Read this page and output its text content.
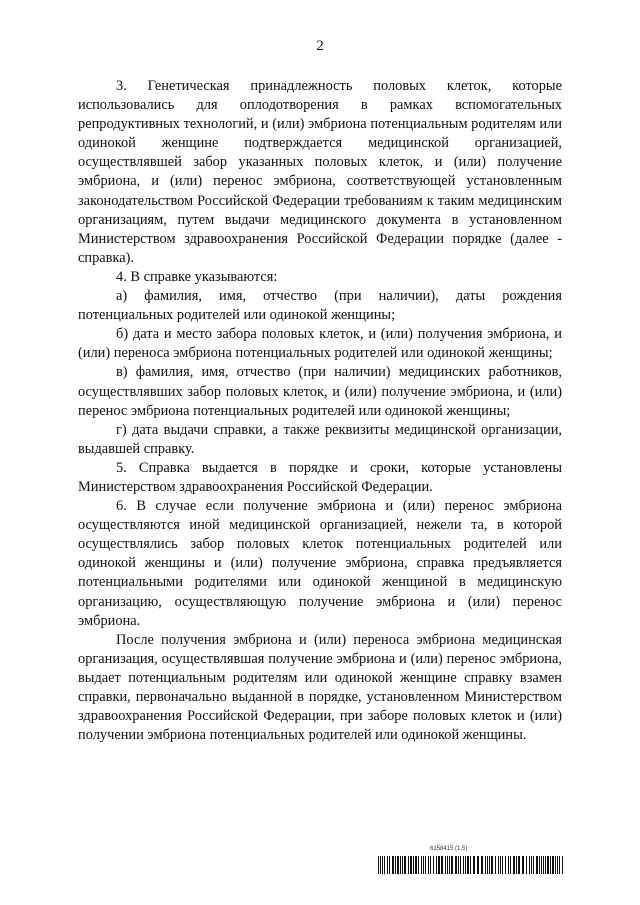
2

3. Генетическая принадлежность половых клеток, которые использовались для оплодотворения в рамках вспомогательных репродуктивных технологий, и (или) эмбриона потенциальным родителям или одинокой женщине подтверждается медицинской организацией, осуществлявшей забор указанных половых клеток, и (или) получение эмбриона, и (или) перенос эмбриона, соответствующей установленным законодательством Российской Федерации требованиям к таким медицинским организациям, путем выдачи медицинского документа в установленном Министерством здравоохранения Российской Федерации порядке (далее - справка).

4. В справке указываются:

а) фамилия, имя, отчество (при наличии), даты рождения потенциальных родителей или одинокой женщины;

б) дата и место забора половых клеток, и (или) получения эмбриона, и (или) переноса эмбриона потенциальных родителей или одинокой женщины;

в) фамилия, имя, отчество (при наличии) медицинских работников, осуществлявших забор половых клеток, и (или) получение эмбриона, и (или) перенос эмбриона потенциальных родителей или одинокой женщины;

г) дата выдачи справки, а также реквизиты медицинской организации, выдавшей справку.

5. Справка выдается в порядке и сроки, которые установлены Министерством здравоохранения Российской Федерации.

6. В случае если получение эмбриона и (или) перенос эмбриона осуществляются иной медицинской организацией, нежели та, в которой осуществлялись забор половых клеток потенциальных родителей или одинокой женщины и (или) получение эмбриона, справка предъявляется потенциальными родителями или одинокой женщиной в медицинскую организацию, осуществляющую получение эмбриона и (или) перенос эмбриона.

После получения эмбриона и (или) переноса эмбриона медицинская организация, осуществлявшая получение эмбриона и (или) перенос эмбриона, выдает потенциальным родителям или одинокой женщине справку взамен справки, первоначально выданной в порядке, установленном Министерством здравоохранения Российской Федерации, при заборе половых клеток и (или) получении эмбриона потенциальных родителей или одинокой женщины.

6158415 (1.5)
